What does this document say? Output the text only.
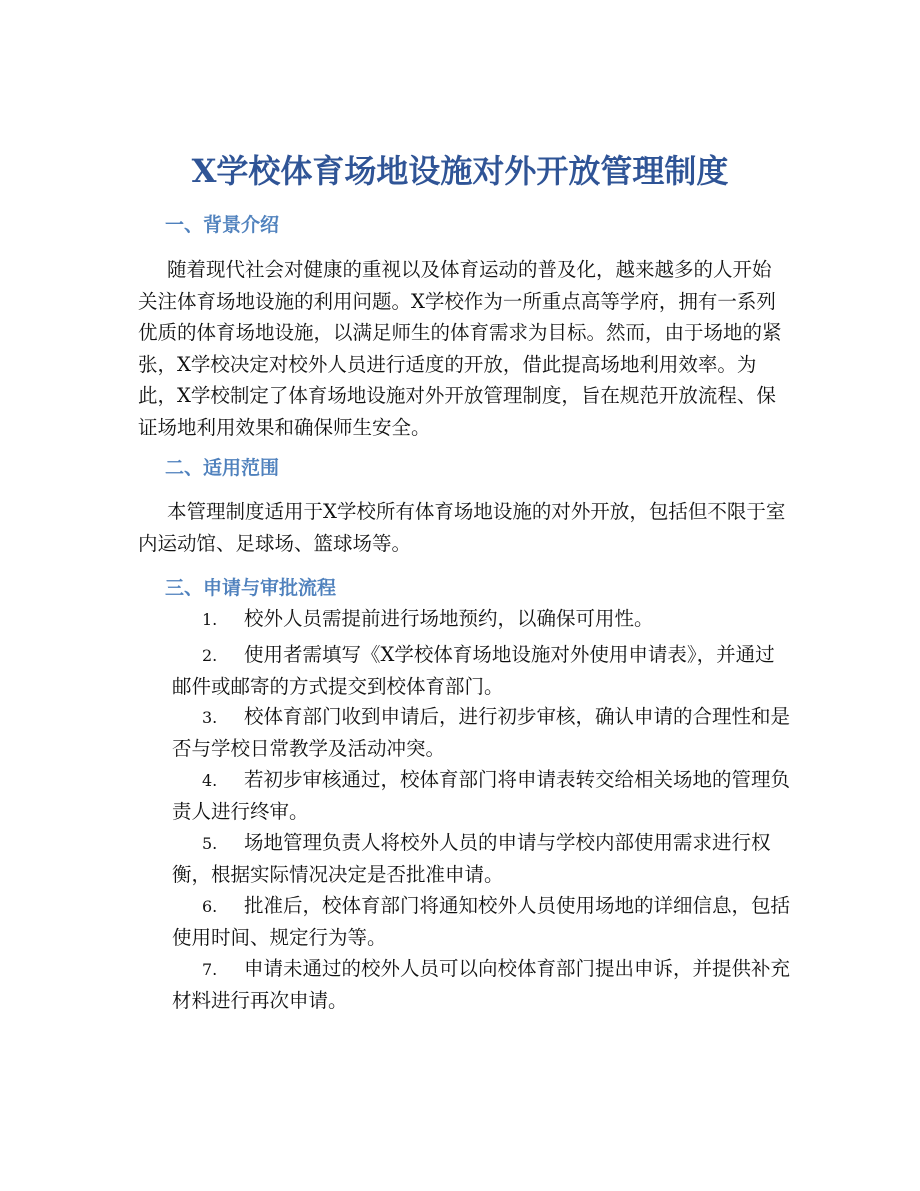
X学校体育场地设施对外开放管理制度
一、背景介绍
随着现代社会对健康的重视以及体育运动的普及化，越来越多的人开始关注体育场地设施的利用问题。X学校作为一所重点高等学府，拥有一系列优质的体育场地设施，以满足师生的体育需求为目标。然而，由于场地的紧张，X学校决定对校外人员进行适度的开放，借此提高场地利用效率。为此，X学校制定了体育场地设施对外开放管理制度，旨在规范开放流程、保证场地利用效果和确保师生安全。
二、适用范围
本管理制度适用于X学校所有体育场地设施的对外开放，包括但不限于室内运动馆、足球场、篮球场等。
三、申请与审批流程
1.	校外人员需提前进行场地预约，以确保可用性。
2.	使用者需填写《X学校体育场地设施对外使用申请表》，并通过邮件或邮寄的方式提交到校体育部门。
3.	校体育部门收到申请后，进行初步审核，确认申请的合理性和是否与学校日常教学及活动冲突。
4.	若初步审核通过，校体育部门将申请表转交给相关场地的管理负责人进行终审。
5.	场地管理负责人将校外人员的申请与学校内部使用需求进行权衡，根据实际情况决定是否批准申请。
6.	批准后，校体育部门将通知校外人员使用场地的详细信息，包括使用时间、规定行为等。
7.	申请未通过的校外人员可以向校体育部门提出申诉，并提供补充材料进行再次申请。
